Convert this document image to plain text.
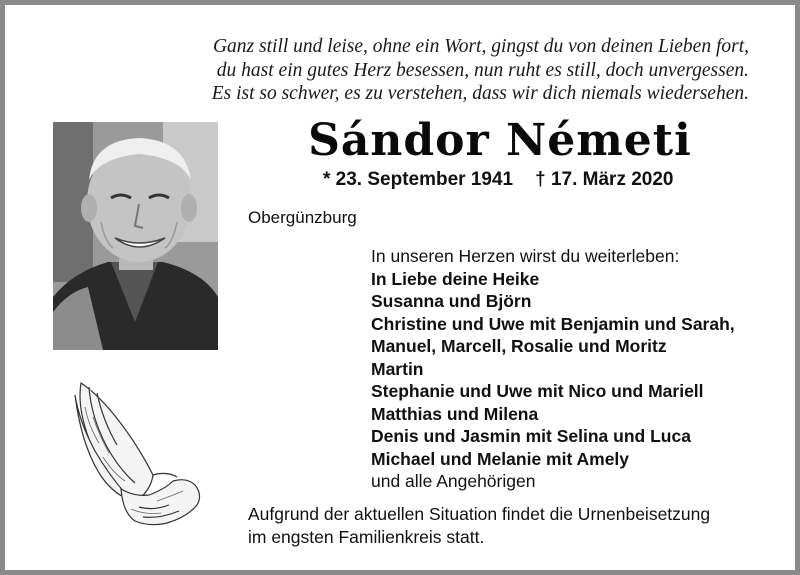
Ganz still und leise, ohne ein Wort, gingst du von deinen Lieben fort,
du hast ein gutes Herz besessen, nun ruht es still, doch unvergessen.
Es ist so schwer, es zu verstehen, dass wir dich niemals wiedersehen.
Sándor Németi
* 23. September 1941 † 17. März 2020
Obergünzburg
In unseren Herzen wirst du weiterleben:
In Liebe deine Heike
Susanna und Björn
Christine und Uwe mit Benjamin und Sarah,
Manuel, Marcell, Rosalie und Moritz
Martin
Stephanie und Uwe mit Nico und Mariell
Matthias und Milena
Denis und Jasmin mit Selina und Luca
Michael und Melanie mit Amely
und alle Angehörigen
Aufgrund der aktuellen Situation findet die Urnenbeisetzung
im engsten Familienkreis statt.
